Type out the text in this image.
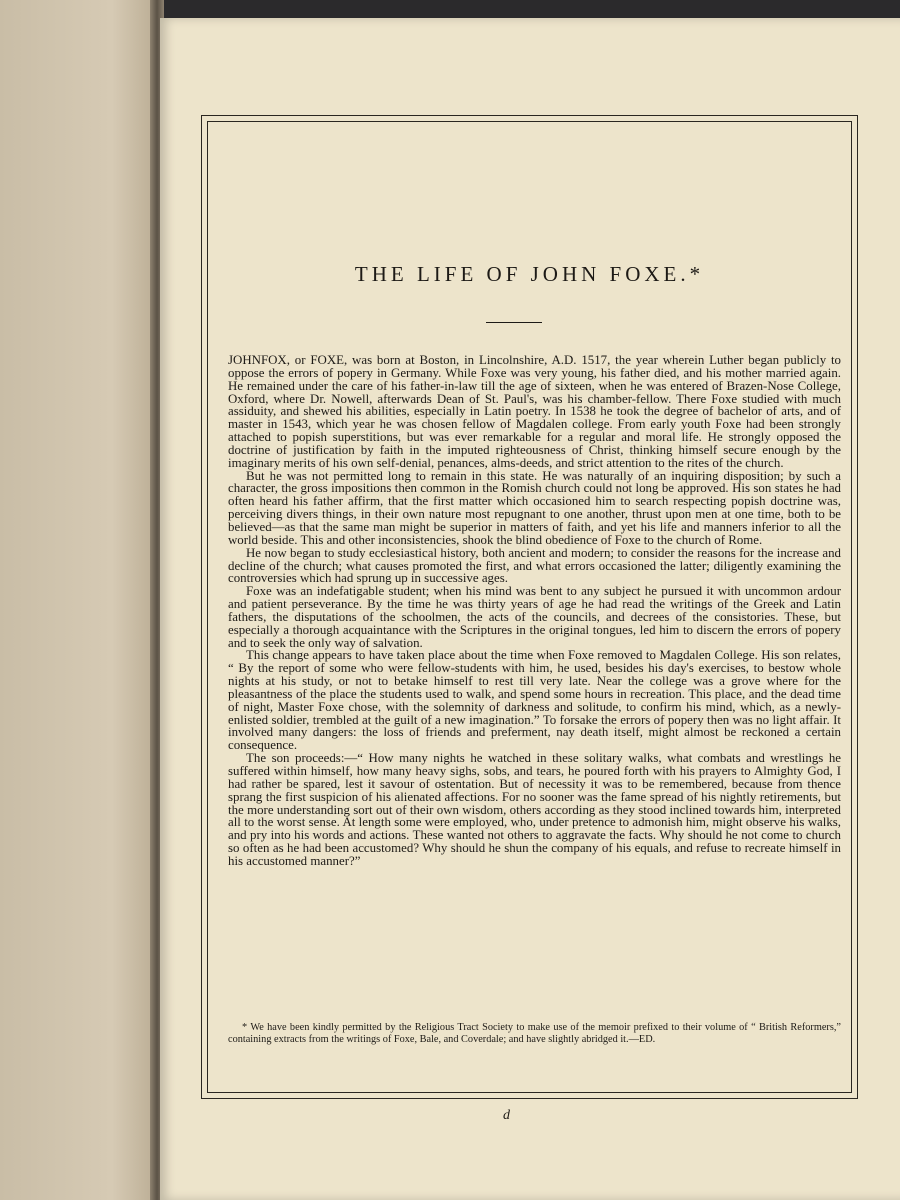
THE LIFE OF JOHN FOXE.*

JOHNFOX, or FOXE, was born at Boston, in Lincolnshire, A.D. 1517, the year wherein Luther began publicly to oppose the errors of popery in Germany. While Foxe was very young, his father died, and his mother married again. He remained under the care of his father-in-law till the age of sixteen, when he was entered of Brazen-Nose College, Oxford, where Dr. Nowell, afterwards Dean of St. Paul's, was his chamber-fellow. There Foxe studied with much assiduity, and shewed his abilities, especially in Latin poetry. In 1538 he took the degree of bachelor of arts, and of master in 1543, which year he was chosen fellow of Magdalen college. From early youth Foxe had been strongly attached to popish superstitions, but was ever remarkable for a regular and moral life. He strongly opposed the doctrine of justification by faith in the imputed righteousness of Christ, thinking himself secure enough by the imaginary merits of his own self-denial, penances, alms-deeds, and strict attention to the rites of the church.

But he was not permitted long to remain in this state. He was naturally of an inquiring disposition; by such a character, the gross impositions then common in the Romish church could not long be approved. His son states he had often heard his father affirm, that the first matter which occasioned him to search respecting popish doctrine was, perceiving divers things, in their own nature most repugnant to one another, thrust upon men at one time, both to be believed—as that the same man might be superior in matters of faith, and yet his life and manners inferior to all the world beside. This and other inconsistencies, shook the blind obedience of Foxe to the church of Rome.

He now began to study ecclesiastical history, both ancient and modern; to consider the reasons for the increase and decline of the church; what causes promoted the first, and what errors occasioned the latter; diligently examining the controversies which had sprung up in successive ages.

Foxe was an indefatigable student; when his mind was bent to any subject he pursued it with uncommon ardour and patient perseverance. By the time he was thirty years of age he had read the writings of the Greek and Latin fathers, the disputations of the schoolmen, the acts of the councils, and decrees of the consistories. These, but especially a thorough acquaintance with the Scriptures in the original tongues, led him to discern the errors of popery and to seek the only way of salvation.

This change appears to have taken place about the time when Foxe removed to Magdalen College. His son relates, “ By the report of some who were fellow-students with him, he used, besides his day's exercises, to bestow whole nights at his study, or not to betake himself to rest till very late. Near the college was a grove where for the pleasantness of the place the students used to walk, and spend some hours in recreation. This place, and the dead time of night, Master Foxe chose, with the solemnity of darkness and solitude, to confirm his mind, which, as a newly-enlisted soldier, trembled at the guilt of a new imagination.” To forsake the errors of popery then was no light affair. It involved many dangers: the loss of friends and preferment, nay death itself, might almost be reckoned a certain consequence.

The son proceeds:—“ How many nights he watched in these solitary walks, what combats and wrestlings he suffered within himself, how many heavy sighs, sobs, and tears, he poured forth with his prayers to Almighty God, I had rather be spared, lest it savour of ostentation. But of necessity it was to be remembered, because from thence sprang the first suspicion of his alienated affections. For no sooner was the fame spread of his nightly retirements, but the more understanding sort out of their own wisdom, others according as they stood inclined towards him, interpreted all to the worst sense. At length some were employed, who, under pretence to admonish him, might observe his walks, and pry into his words and actions. These wanted not others to aggravate the facts. Why should he not come to church so often as he had been accustomed? Why should he shun the company of his equals, and refuse to recreate himself in his accustomed manner?”

* We have been kindly permitted by the Religious Tract Society to make use of the memoir prefixed to their volume of “ British Reformers,” containing extracts from the writings of Foxe, Bale, and Coverdale; and have slightly abridged it.—ED.
d
